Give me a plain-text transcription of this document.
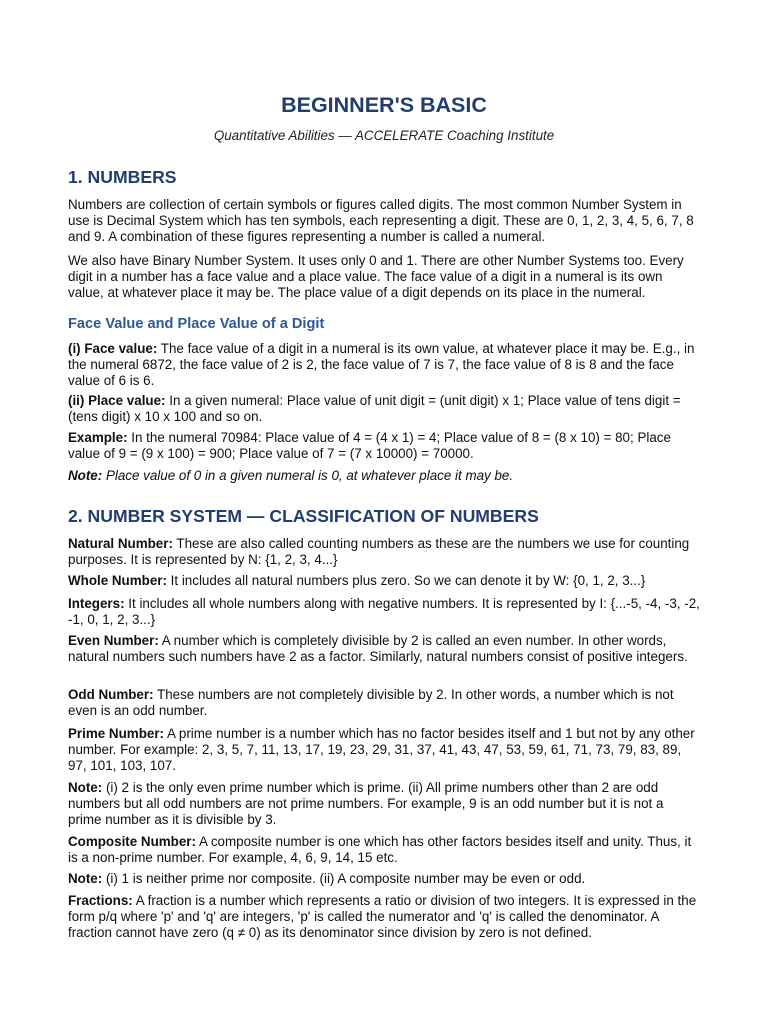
BEGINNER'S BASIC
Quantitative Abilities — ACCELERATE Coaching Institute
1. NUMBERS

Numbers are collection of certain symbols or figures called digits. The most common Number System in use is Decimal System which has ten symbols, each representing a digit. These are 0, 1, 2, 3, 4, 5, 6, 7, 8 and 9. A combination of these figures representing a number is called a numeral.

We also have Binary Number System. It uses only 0 and 1. There are other Number Systems too. Every digit in a number has a face value and a place value. The face value of a digit in a numeral is its own value, at whatever place it may be. The place value of a digit depends on its place in the numeral.

Face Value and Place Value of a Digit

(i) Face value: The face value of a digit in a numeral is its own value, at whatever place it may be. E.g., in the numeral 6872, the face value of 2 is 2, the face value of 7 is 7, the face value of 8 is 8 and the face value of 6 is 6.

(ii) Place value: In a given numeral: Place value of unit digit = (unit digit) x 1; Place value of tens digit = (tens digit) x 10 x 100 and so on.

Example: In the numeral 70984: Place value of 4 = (4 x 1) = 4; Place value of 8 = (8 x 10) = 80; Place value of 9 = (9 x 100) = 900; Place value of 7 = (7 x 10000) = 70000.

Note: Place value of 0 in a given numeral is 0, at whatever place it may be.

2. NUMBER SYSTEM — CLASSIFICATION OF NUMBERS

Natural Number: These are also called counting numbers as these are the numbers we use for counting purposes. It is represented by N: {1, 2, 3, 4...}

Whole Number: It includes all natural numbers plus zero. So we can denote it by W: {0, 1, 2, 3...}

Integers: It includes all whole numbers along with negative numbers. It is represented by I: {...-5, -4, -3, -2, -1, 0, 1, 2, 3...}

Even Number: A number which is completely divisible by 2 is called an even number. In other words, natural numbers such numbers have 2 as a factor. Similarly, natural numbers consist of positive integers.

Odd Number: These numbers are not completely divisible by 2. In other words, a number which is not even is an odd number.

Prime Number: A prime number is a number which has no factor besides itself and 1 but not by any other number. For example: 2, 3, 5, 7, 11, 13, 17, 19, 23, 29, 31, 37, 41, 43, 47, 53, 59, 61, 71, 73, 79, 83, 89, 97, 101, 103, 107.

Note: (i) 2 is the only even prime number which is prime. (ii) All prime numbers other than 2 are odd numbers but all odd numbers are not prime numbers. For example, 9 is an odd number but it is not a prime number as it is divisible by 3.

Composite Number: A composite number is one which has other factors besides itself and unity. Thus, it is a non-prime number. For example, 4, 6, 9, 14, 15 etc.

Note: (i) 1 is neither prime nor composite. (ii) A composite number may be even or odd.

Fractions: A fraction is a number which represents a ratio or division of two integers. It is expressed in the form p/q where 'p' and 'q' are integers, 'p' is called the numerator and 'q' is called the denominator. A fraction cannot have zero (q ≠ 0) as its denominator since division by zero is not defined.
